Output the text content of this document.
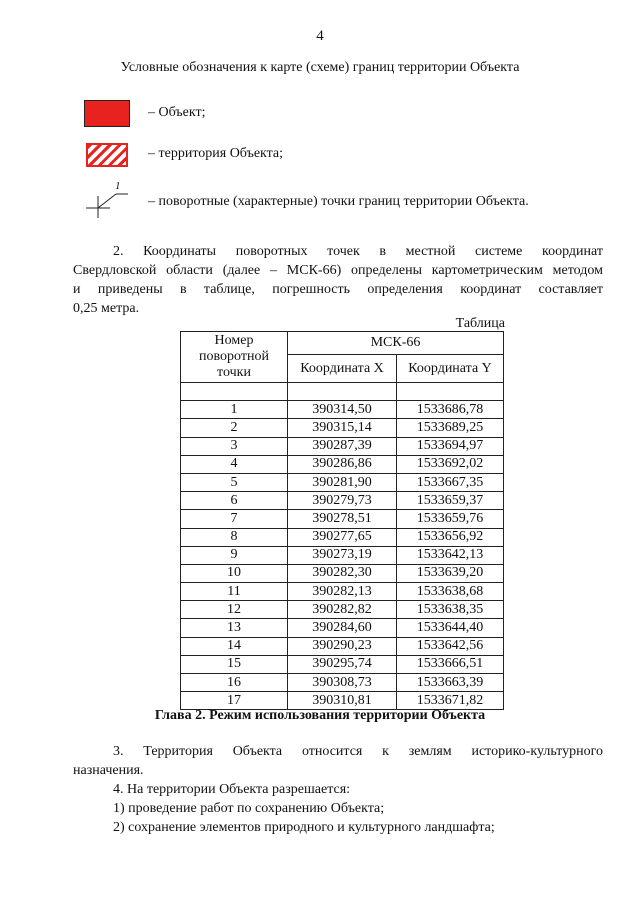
4
Условные обозначения к карте (схеме) границ территории Объекта
– Объект;
– территория Объекта;
1
– поворотные (характерные) точки границ территории Объекта.
2. Координаты поворотных точек в местной системе координат
Свердловской области (далее – МСК-66) определены картометрическим методом
и приведены в таблице, погрешность определения координат составляет
0,25 метра.
Таблица
Номер поворотной точки	МСК-66	
	Координата X	Координата Y

1	390314,50	1533686,78
2	390315,14	1533689,25
3	390287,39	1533694,97
4	390286,86	1533692,02
5	390281,90	1533667,35
6	390279,73	1533659,37
7	390278,51	1533659,76
8	390277,65	1533656,92
9	390273,19	1533642,13
10	390282,30	1533639,20
11	390282,13	1533638,68
12	390282,82	1533638,35
13	390284,60	1533644,40
14	390290,23	1533642,56
15	390295,74	1533666,51
16	390308,73	1533663,39
17	390310,81	1533671,82
Глава 2. Режим использования территории Объекта
3. Территория Объекта относится к землям историко-культурного
назначения.
4. На территории Объекта разрешается:
1) проведение работ по сохранению Объекта;
2) сохранение элементов природного и культурного ландшафта;
